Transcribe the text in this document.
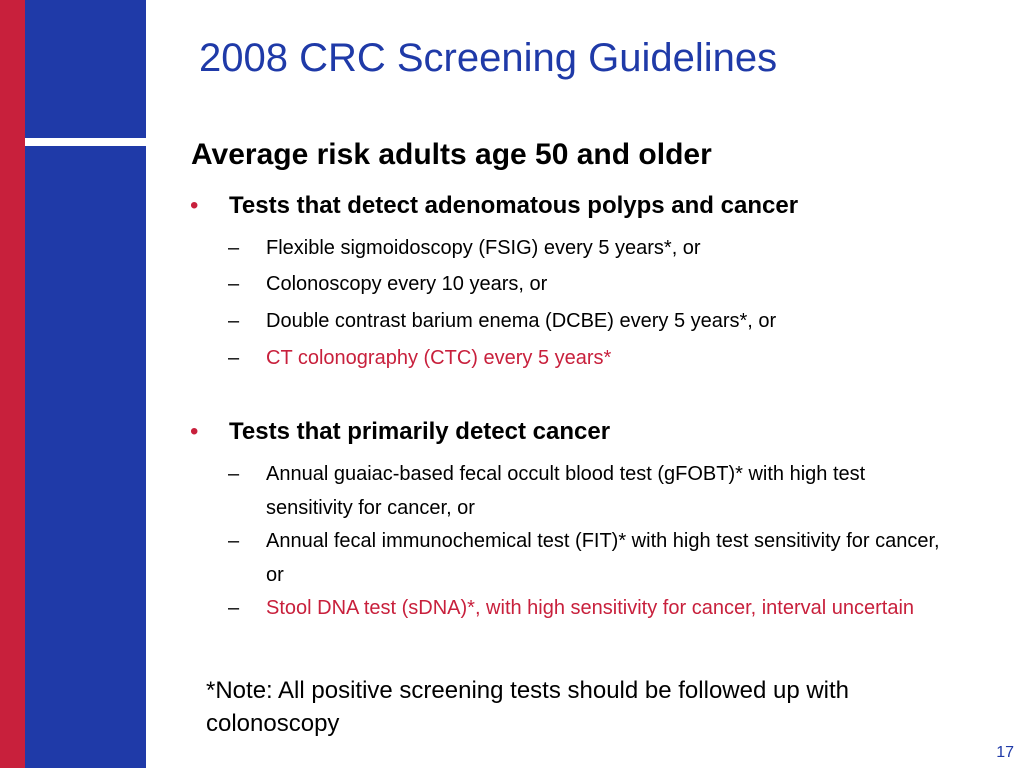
2008 CRC Screening Guidelines
Average risk adults age 50 and older
• Tests that detect adenomatous polyps and cancer
– Flexible sigmoidoscopy (FSIG) every 5 years*, or
– Colonoscopy every 10 years, or
– Double contrast barium enema (DCBE) every 5 years*, or
– CT colonography (CTC) every 5 years*
• Tests that primarily detect cancer
– Annual guaiac-based fecal occult blood test (gFOBT)* with high test sensitivity for cancer, or
– Annual fecal immunochemical test (FIT)* with high test sensitivity for cancer, or
– Stool DNA test (sDNA)*, with high sensitivity for cancer, interval uncertain
*Note: All positive screening tests should be followed up with colonoscopy
17
